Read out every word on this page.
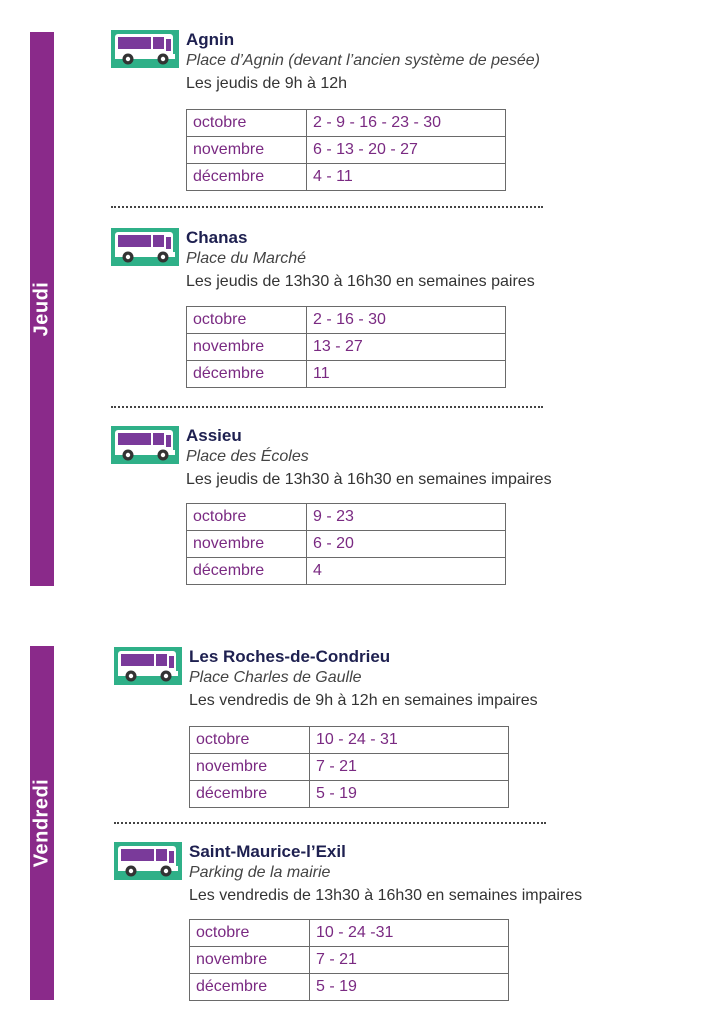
Jeudi
Vendredi
Agnin
Place d’Agnin (devant l’ancien système de pesée)
Les jeudis de 9h à 12h
octobre	2 - 9 - 16 - 23 - 30
novembre	6 - 13 - 20 - 27
décembre	4 - 11
Chanas
Place du Marché
Les jeudis de 13h30 à 16h30 en semaines paires
octobre	2 - 16 - 30
novembre	13 - 27
décembre	11
Assieu
Place des Écoles
Les jeudis de 13h30 à 16h30 en semaines impaires
octobre	9 - 23
novembre	6 - 20
décembre	4
Les Roches-de-Condrieu
Place Charles de Gaulle
Les vendredis de 9h à 12h en semaines impaires
octobre	10 - 24 - 31
novembre	7 - 21
décembre	5 - 19
Saint-Maurice-l’Exil
Parking de la mairie
Les vendredis de 13h30 à 16h30 en semaines impaires
octobre	10 - 24 -31
novembre	7 - 21
décembre	5 - 19
